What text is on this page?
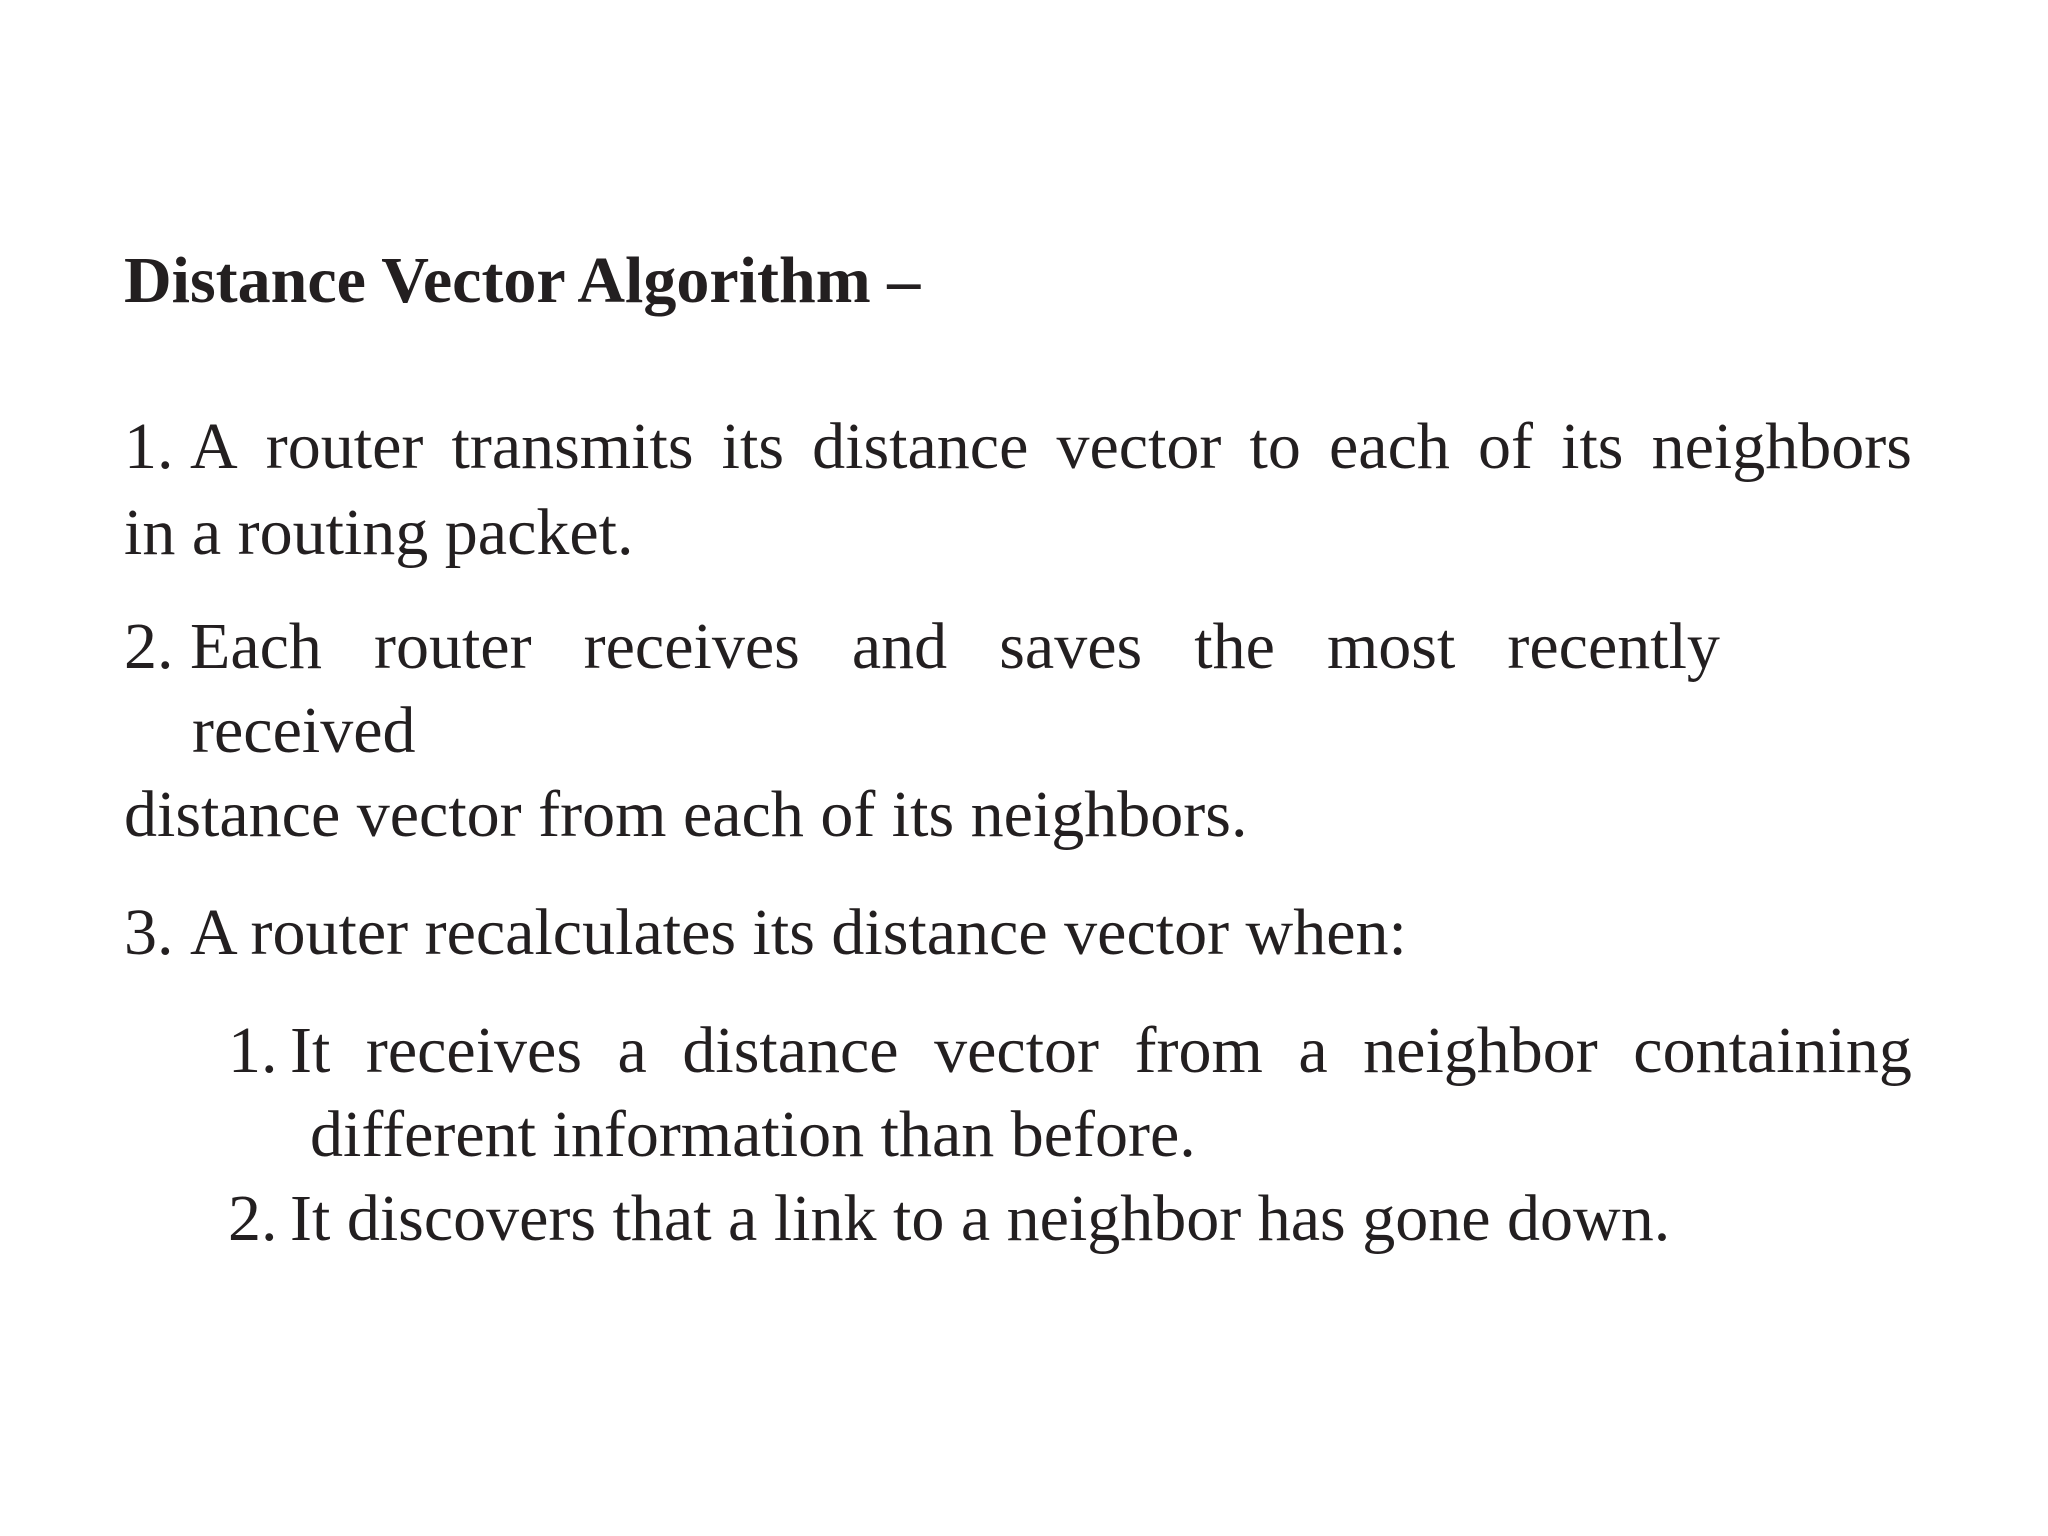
Distance Vector Algorithm –
1. A router transmits its distance vector to each of its neighbors
in a routing packet.
2. Each router receives and saves the most recently
received
distance vector from each of its neighbors.
3. A router recalculates its distance vector when:
1. It receives a distance vector from a neighbor containing
different information than before.
2. It discovers that a link to a neighbor has gone down.
